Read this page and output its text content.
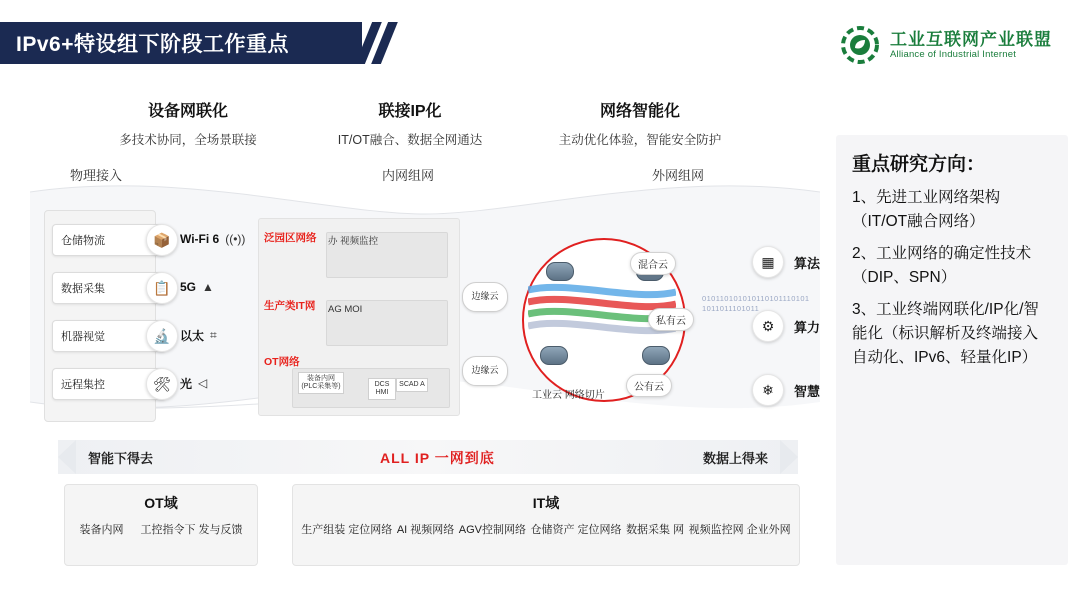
IPv6+特设组下阶段工作重点	工业互联网产业联盟
Alliance of Industrial Internet
设备网联化
多技术协同，全场景联接
联接IP化
IT/OT融合、数据全网通达
网络智能化
主动优化体验，智能安全防护
物理接入	内网组网	外网组网
仓储物流	📦
数据采集	📋
机器视觉	🔬
远程集控	🛠
Wi-Fi 6 ((•))
5G ▲
以太 ⌗
光 ◁
泛园区网络
生产类IT网
OT网络
办 视频监控
AG MOI
装备内网 (PLC采集等)	DCS HMI
SCAD A
边缘云
边缘云
混合云
私有云
公有云
工业云 网络切片
010110101010110101110101 1011011101011
▦	算法
⚙	算力
❄	智慧
智能下得去	ALL IP 一网到底	数据上得来
OT域
装备内网 工控指令下 发与反馈
IT域
生产组装 定位网络 AI 视频网络 AGV控制网络 仓储资产 定位网络 数据采集 网 视频监控网 企业外网
重点研究方向：

1、先进工业网络架构（IT/OT融合网络）

2、工业网络的确定性技术（DIP、SPN）

3、工业终端网联化/IP化/智能化（标识解析及终端接入自动化、IPv6、轻量化IP）
